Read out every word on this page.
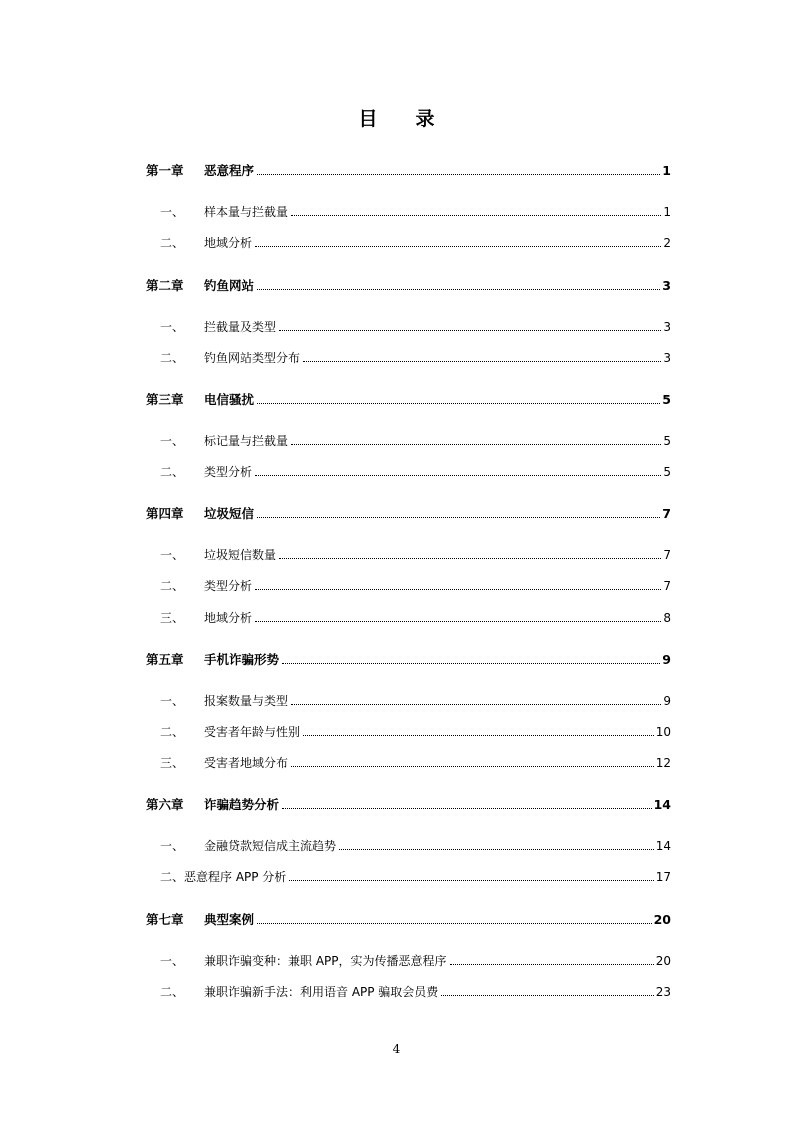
目 录
第一章	恶意程序	1
一、	样本量与拦截量	1
二、	地域分析	2
第二章	钓鱼网站	3
一、	拦截量及类型	3
二、	钓鱼网站类型分布	3
第三章	电信骚扰	5
一、	标记量与拦截量	5
二、	类型分析	5
第四章	垃圾短信	7
一、	垃圾短信数量	7
二、	类型分析	7
三、	地域分析	8
第五章	手机诈骗形势	9
一、	报案数量与类型	9
二、	受害者年龄与性别	10
三、	受害者地域分布	12
第六章	诈骗趋势分析	14
一、	金融贷款短信成主流趋势	14
二、恶意程序 APP 分析	17
第七章	典型案例	20
一、	兼职诈骗变种：兼职 APP，实为传播恶意程序	20
二、	兼职诈骗新手法：利用语音 APP 骗取会员费	23
4
